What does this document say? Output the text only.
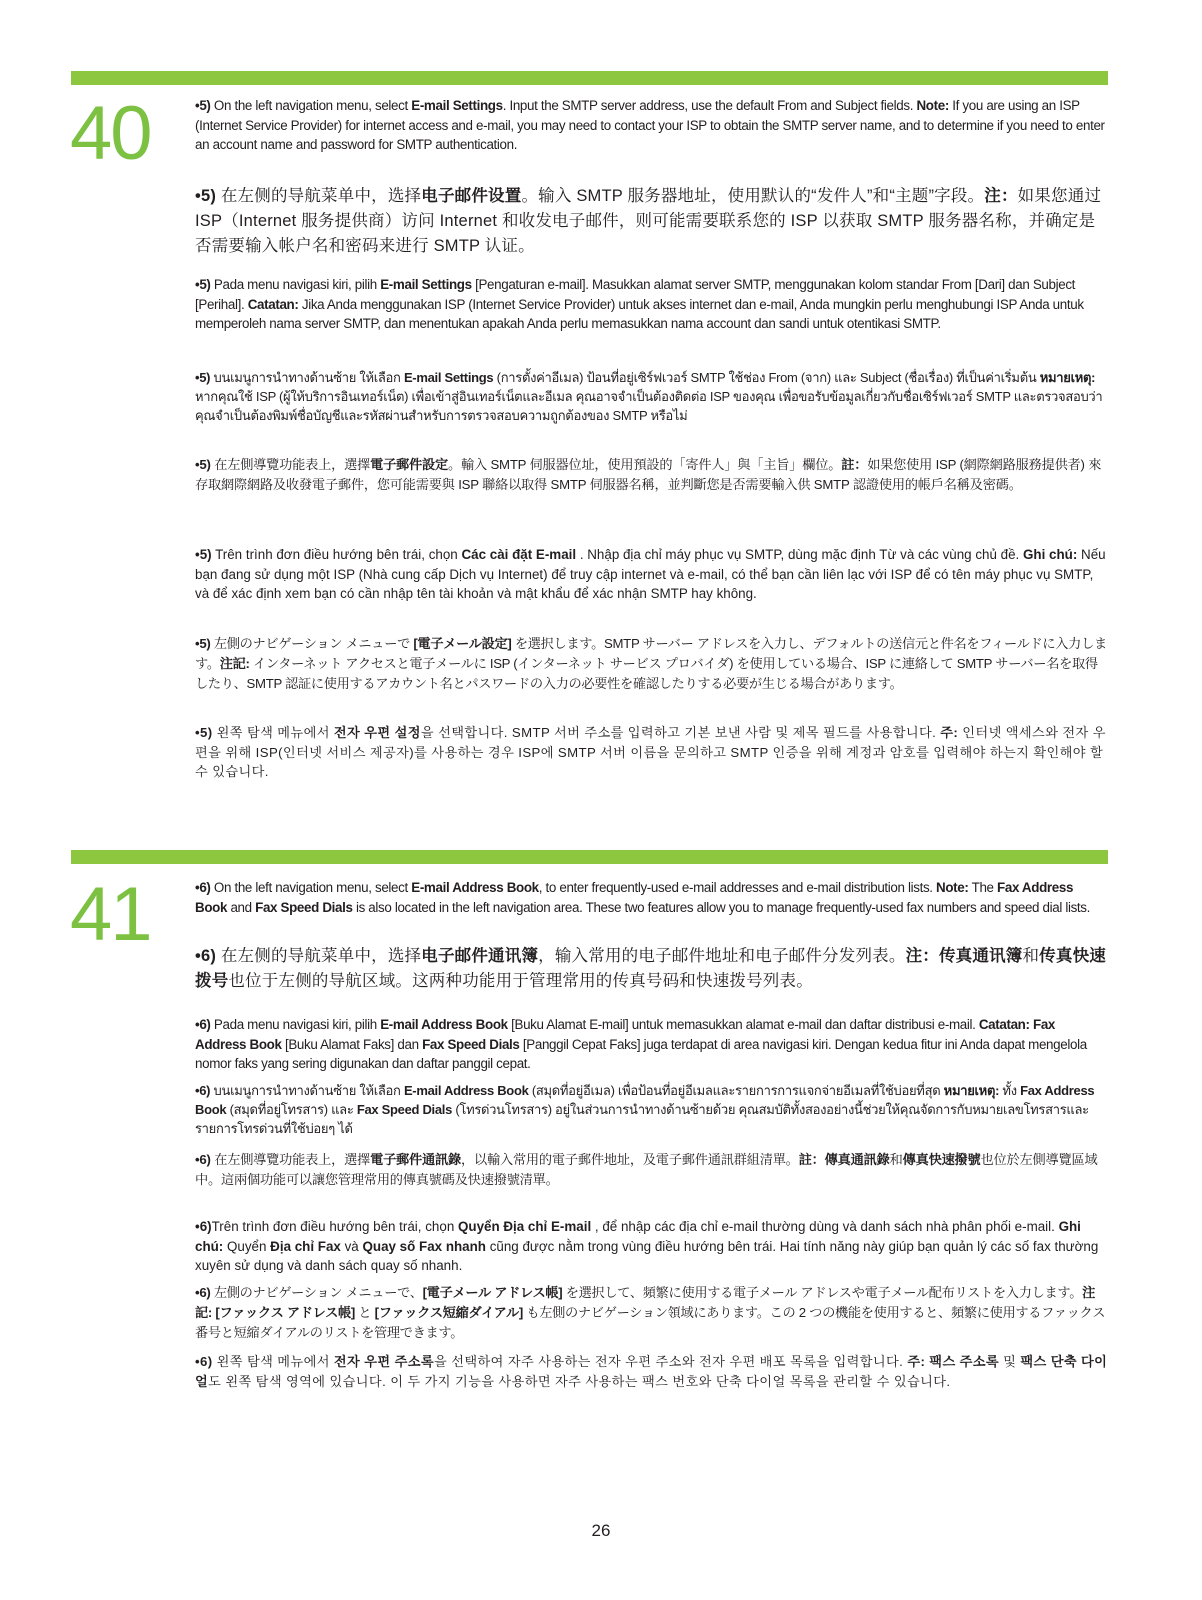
40	•5) On the left navigation menu, select E-mail Settings. Input the SMTP server address, use the default From and Subject fields. Note: If you are using an ISP (Internet Service Provider) for internet access and e-mail, you may need to contact your ISP to obtain the SMTP server name, and to determine if you need to enter an account name and password for SMTP authentication.
•5) 在左侧的导航菜单中，选择电子邮件设置。输入 SMTP 服务器地址，使用默认的“发件人”和“主题”字段。注：如果您通过 ISP（Internet 服务提供商）访问 Internet 和收发电子邮件，则可能需要联系您的 ISP 以获取 SMTP 服务器名称，并确定是否需要输入帐户名和密码来进行 SMTP 认证。
•5) Pada menu navigasi kiri, pilih E-mail Settings [Pengaturan e-mail]. Masukkan alamat server SMTP, menggunakan kolom standar From [Dari] dan Subject [Perihal]. Catatan: Jika Anda menggunakan ISP (Internet Service Provider) untuk akses internet dan e-mail, Anda mungkin perlu menghubungi ISP Anda untuk memperoleh nama server SMTP, dan menentukan apakah Anda perlu memasukkan nama account dan sandi untuk otentikasi SMTP.
•5) บนเมนูการนำทางด้านซ้าย ให้เลือก E-mail Settings (การตั้งค่าอีเมล) ป้อนที่อยู่เซิร์ฟเวอร์ SMTP ใช้ช่อง From (จาก) และ Subject (ชื่อเรื่อง) ที่เป็นค่าเริ่มต้น หมายเหตุ: หากคุณใช้ ISP (ผู้ให้บริการอินเทอร์เน็ต) เพื่อเข้าสู่อินเทอร์เน็ตและอีเมล คุณอาจจำเป็นต้องติดต่อ ISP ของคุณ เพื่อขอรับข้อมูลเกี่ยวกับชื่อเซิร์ฟเวอร์ SMTP และตรวจสอบว่า คุณจำเป็นต้องพิมพ์ชื่อบัญชีและรหัสผ่านสำหรับการตรวจสอบความถูกต้องของ SMTP หรือไม่
•5) 在左側導覽功能表上，選擇電子郵件設定。輸入 SMTP 伺服器位址，使用預設的「寄件人」與「主旨」欄位。註：如果您使用 ISP (網際網路服務提供者) 來存取網際網路及收發電子郵件，您可能需要與 ISP 聯絡以取得 SMTP 伺服器名稱，並判斷您是否需要輸入供 SMTP 認證使用的帳戶名稱及密碼。
•5) Trên trình đơn điều hướng bên trái, chọn Các cài đặt E-mail . Nhập địa chỉ máy phục vụ SMTP, dùng mặc định Từ và các vùng chủ đề. Ghi chú: Nếu bạn đang sử dụng một ISP (Nhà cung cấp Dịch vụ Internet) để truy cập internet và e-mail, có thể bạn cần liên lạc với ISP để có tên máy phục vụ SMTP, và để xác định xem bạn có cần nhập tên tài khoản và mật khẩu để xác nhận SMTP hay không.
•5) 左側のナビゲーション メニューで [電子メール設定] を選択します。SMTP サーバー アドレスを入力し、デフォルトの送信元と件名をフィールドに入力します。注記: インターネット アクセスと電子メールに ISP (インターネット サービス プロバイダ) を使用している場合、ISP に連絡して SMTP サーバー名を取得したり、SMTP 認証に使用するアカウント名とパスワードの入力の必要性を確認したりする必要が生じる場合があります。
•5) 왼쪽 탐색 메뉴에서 전자 우편 설정을 선택합니다. SMTP 서버 주소를 입력하고 기본 보낸 사람 및 제목 필드를 사용합니다. 주: 인터넷 액세스와 전자 우편을 위해 ISP(인터넷 서비스 제공자)를 사용하는 경우 ISP에 SMTP 서버 이름을 문의하고 SMTP 인증을 위해 계정과 암호를 입력해야 하는지 확인해야 할 수 있습니다.
41	•6) On the left navigation menu, select E-mail Address Book, to enter frequently-used e-mail addresses and e-mail distribution lists. Note: The Fax Address Book and Fax Speed Dials is also located in the left navigation area. These two features allow you to manage frequently-used fax numbers and speed dial lists.
•6) 在左侧的导航菜单中，选择电子邮件通讯簿，输入常用的电子邮件地址和电子邮件分发列表。注：传真通讯簿和传真快速拨号也位于左侧的导航区域。这两种功能用于管理常用的传真号码和快速拨号列表。
•6) Pada menu navigasi kiri, pilih E-mail Address Book [Buku Alamat E-mail] untuk memasukkan alamat e-mail dan daftar distribusi e-mail. Catatan: Fax Address Book [Buku Alamat Faks] dan Fax Speed Dials [Panggil Cepat Faks] juga terdapat di area navigasi kiri. Dengan kedua fitur ini Anda dapat mengelola nomor faks yang sering digunakan dan daftar panggil cepat.
•6) บนเมนูการนำทางด้านซ้าย ให้เลือก E-mail Address Book (สมุดที่อยู่อีเมล) เพื่อป้อนที่อยู่อีเมลและรายการการแจกจ่ายอีเมลที่ใช้บ่อยที่สุด หมายเหตุ: ทั้ง Fax Address Book (สมุดที่อยู่โทรสาร) และ Fax Speed Dials (โทรด่วนโทรสาร) อยู่ในส่วนการนำทางด้านซ้ายด้วย คุณสมบัติทั้งสองอย่างนี้ช่วยให้คุณจัดการกับหมายเลขโทรสารและรายการโทรด่วนที่ใช้บ่อยๆ ได้
•6) 在左側導覽功能表上，選擇電子郵件通訊錄，以輸入常用的電子郵件地址，及電子郵件通訊群組清單。註：傳真通訊錄和傳真快速撥號也位於左側導覽區域中。這兩個功能可以讓您管理常用的傳真號碼及快速撥號清單。
•6)Trên trình đơn điều hướng bên trái, chọn Quyển Địa chỉ E-mail , để nhập các địa chỉ e-mail thường dùng và danh sách nhà phân phối e-mail. Ghi chú: Quyển Địa chỉ Fax và Quay số Fax nhanh cũng được nằm trong vùng điều hướng bên trái. Hai tính năng này giúp bạn quản lý các số fax thường xuyên sử dụng và danh sách quay số nhanh.
•6) 左側のナビゲーション メニューで、[電子メール アドレス帳] を選択して、頻繁に使用する電子メール アドレスや電子メール配布リストを入力します。注記: [ファックス アドレス帳] と [ファックス短縮ダイアル] も左側のナビゲーション領域にあります。この 2 つの機能を使用すると、頻繁に使用するファックス番号と短縮ダイアルのリストを管理できます。
•6) 왼쪽 탐색 메뉴에서 전자 우편 주소록을 선택하여 자주 사용하는 전자 우편 주소와 전자 우편 배포 목록을 입력합니다. 주: 팩스 주소록 및 팩스 단축 다이얼도 왼쪽 탐색 영역에 있습니다. 이 두 가지 기능을 사용하면 자주 사용하는 팩스 번호와 단축 다이얼 목록을 관리할 수 있습니다.
26
